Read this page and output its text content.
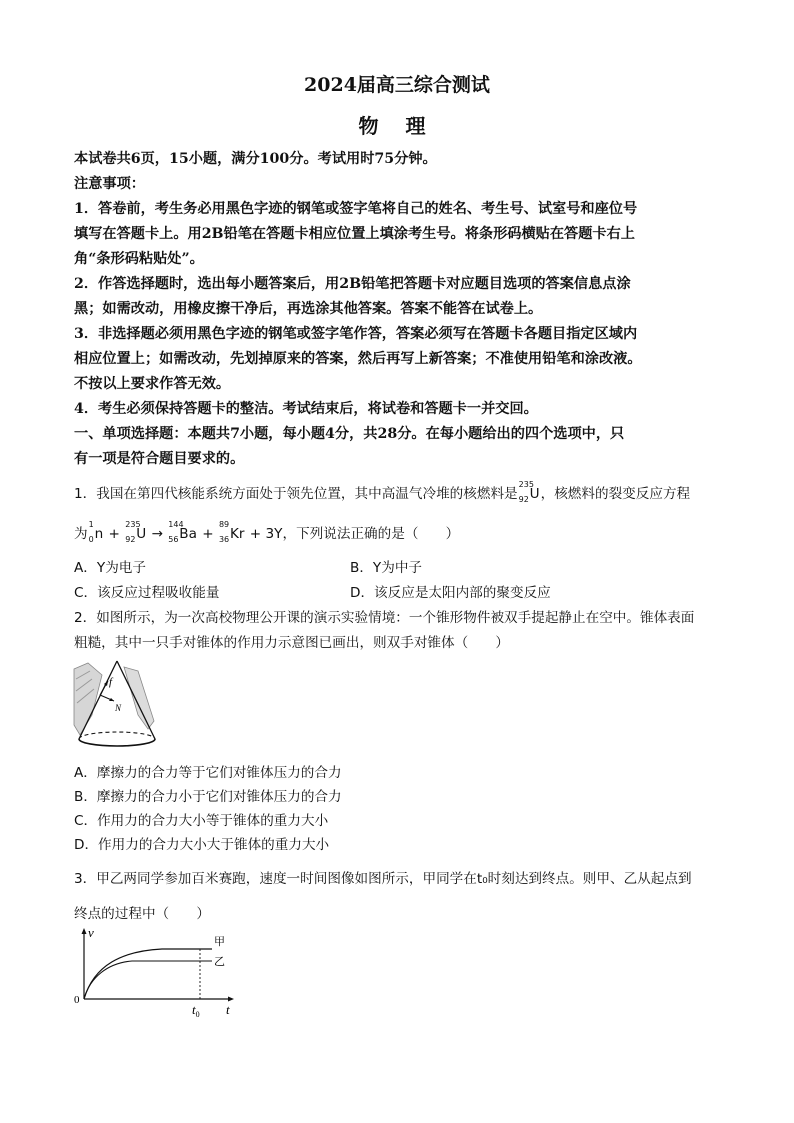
2024届高三综合测试
物 理
本试卷共6页，15小题，满分100分。考试用时75分钟。
注意事项：
1．答卷前，考生务必用黑色字迹的钢笔或签字笔将自己的姓名、考生号、试室号和座位号
填写在答题卡上。用2B铅笔在答题卡相应位置上填涂考生号。将条形码横贴在答题卡右上
角“条形码粘贴处”。
2．作答选择题时，选出每小题答案后，用2B铅笔把答题卡对应题目选项的答案信息点涂
黑；如需改动，用橡皮擦干净后，再选涂其他答案。答案不能答在试卷上。
3．非选择题必须用黑色字迹的钢笔或签字笔作答，答案必须写在答题卡各题目指定区域内
相应位置上；如需改动，先划掉原来的答案，然后再写上新答案；不准使用铅笔和涂改液。
不按以上要求作答无效。
4．考生必须保持答题卡的整洁。考试结束后，将试卷和答题卡一并交回。
一、单项选择题：本题共7小题，每小题4分，共28分。在每小题给出的四个选项中，只
有一项是符合题目要求的。
1．我国在第四代核能系统方面处于领先位置，其中高温气冷堆的核燃料是
235
92 U，核燃料的裂变反应方程
为
1
0 n +
235
92 U →
144
56 Ba +
89
36 Kr + 3Y，下列说法正确的是（　　）
A．Y为电子	B．Y为中子
C．该反应过程吸收能量	D．该反应是太阳内部的聚变反应
2．如图所示，为一次高校物理公开课的演示实验情境：一个锥形物件被双手提起静止在空中。锥体表面
粗糙，其中一只手对锥体的作用力示意图已画出，则双手对锥体（　　）
f
N
A．摩擦力的合力等于它们对锥体压力的合力
B．摩擦力的合力小于它们对锥体压力的合力
C．作用力的合力大小等于锥体的重力大小
D．作用力的合力大小大于锥体的重力大小
3．甲乙两同学参加百米赛跑，速度一时间图像如图所示，甲同学在t₀时刻达到终点。则甲、乙从起点到
终点的过程中（　　）
v
t
0
甲
乙
$t_0$
